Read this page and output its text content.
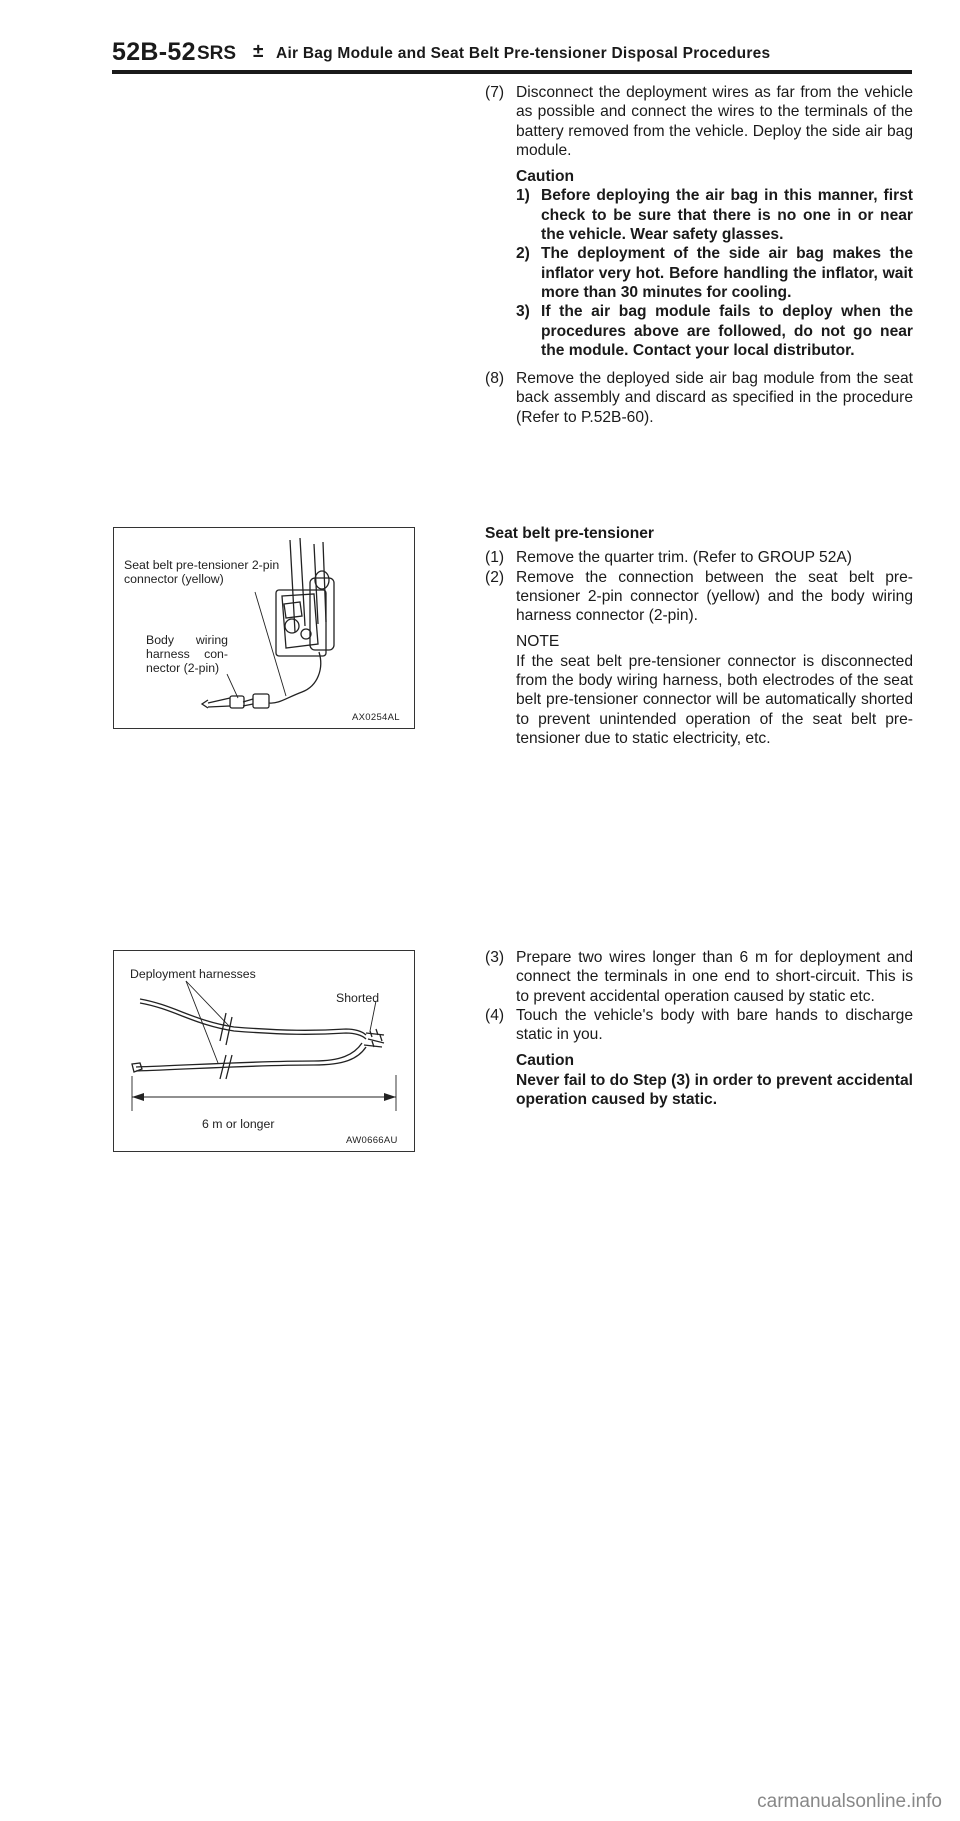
52B-52 SRS ± Air Bag Module and Seat Belt Pre-tensioner Disposal Procedures
(7) Disconnect the deployment wires as far from the vehicle as possible and connect the wires to the terminals of the battery removed from the vehicle. Deploy the side air bag module.
Caution
1) Before deploying the air bag in this manner, first check to be sure that there is no one in or near the vehicle. Wear safety glasses.
2) The deployment of the side air bag makes the inflator very hot. Before handling the inflator, wait more than 30 minutes for cooling.
3) If the air bag module fails to deploy when the procedures above are followed, do not go near the module. Contact your local distributor.
(8) Remove the deployed side air bag module from the seat back assembly and discard as specified in the procedure (Refer to P.52B-60).
Seat belt pre-tensioner
(1) Remove the quarter trim. (Refer to GROUP 52A)
(2) Remove the connection between the seat belt pre-tensioner 2-pin connector (yellow) and the body wiring harness connector (2-pin).
NOTE
If the seat belt pre-tensioner connector is disconnected from the body wiring harness, both electrodes of the seat belt pre-tensioner connector will be automatically shorted to prevent unintended operation of the seat belt pre-tensioner due to static electricity, etc.
(3) Prepare two wires longer than 6 m for deployment and connect the terminals in one end to short-circuit. This is to prevent accidental operation caused by static etc.
(4) Touch the vehicle's body with bare hands to discharge static in you.
Caution
Never fail to do Step (3) in order to prevent accidental operation caused by static.
Seat belt pre-tensioner 2-pin connector (yellow)
Body wiring harness con- nector (2-pin)
AX0254AL
Deployment harnesses
Shorted
6 m or longer
AW0666AU
carmanualsonline.info
